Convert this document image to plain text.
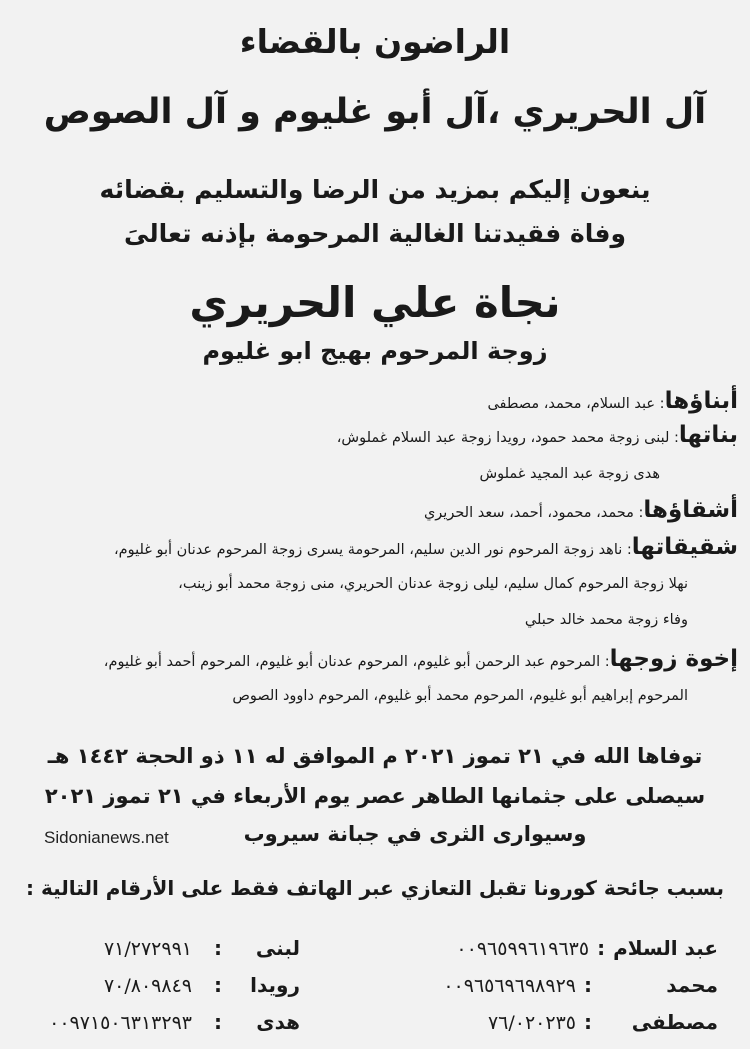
الراضون بالقضاء
آل الحريري ،آل أبو غليوم و آل الصوص
ينعون إليكم بمزيد من الرضا والتسليم بقضائه
وفاة فقيدتنا الغالية المرحومة بإذنه تعالىَ
نجاة علي الحريري
زوجة المرحوم بهيج ابو غليوم
أبناؤها: عبد السلام، محمد، مصطفى
بناتها: لبنى زوجة محمد حمود، رويدا زوجة عبد السلام غملوش،
هدى زوجة عبد المجيد غملوش
أشقاؤها: محمد، محمود، أحمد، سعد الحريري
شقيقاتها: ناهد زوجة المرحوم نور الدين سليم، المرحومة يسرى زوجة المرحوم عدنان أبو غليوم،
نهلا زوجة المرحوم كمال سليم، ليلى زوجة عدنان الحريري، منى زوجة محمد أبو زينب،
وفاء زوجة محمد خالد حبلي
إخوة زوجها: المرحوم عبد الرحمن أبو غليوم، المرحوم عدنان أبو غليوم، المرحوم أحمد أبو غليوم،
المرحوم إبراهيم أبو غليوم، المرحوم محمد أبو غليوم، المرحوم داوود الصوص
توفاها الله في ٢١ تموز ٢٠٢١ م الموافق له ١١ ذو الحجة ١٤٤٢ هـ
سيصلى على جثمانها الطاهر عصر يوم الأربعاء في ٢١ تموز ٢٠٢١
وسيوارى الثرى في جبانة سيروب
Sidonianews.net
بسبب جائحة كورونا تقبل التعازي عبر الهاتف فقط على الأرقام التالية :
عبد السلام:٠٠٩٦٥٩٩٦١٩٦٣٥
محمد:٠٠٩٦٥٦٩٦٩٨٩٢٩
مصطفى:٧٦/٠٢٠٢٣٥
لبنى:٧١/٢٧٢٩٩١
رويدا:٧٠/٨٠٩٨٤٩
هدى:٠٠٩٧١٥٠٦٣١٣٢٩٣
